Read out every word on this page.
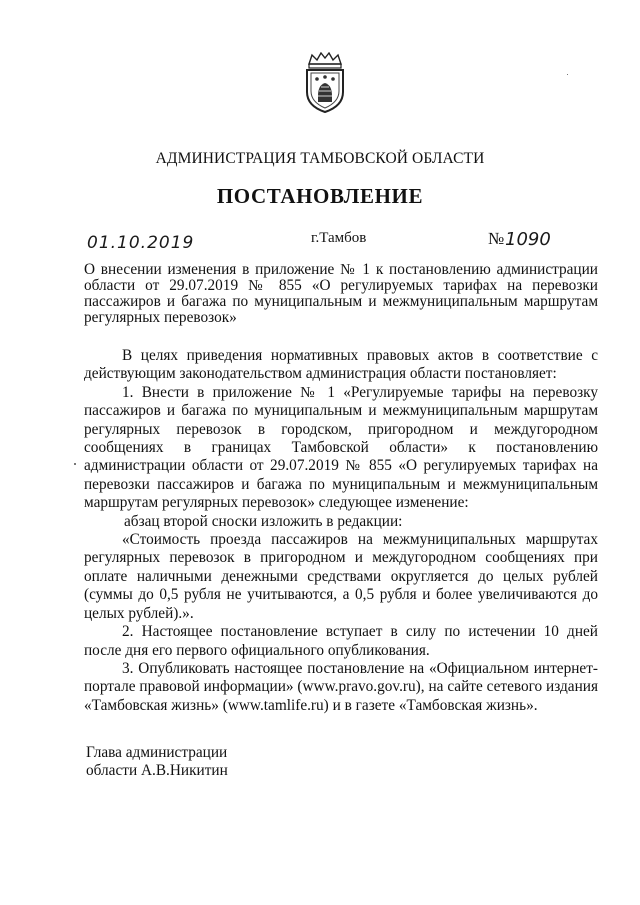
АДМИНИСТРАЦИЯ ТАМБОВСКОЙ ОБЛАСТИ
ПОСТАНОВЛЕНИЕ
01.10.2019	г.Тамбов	№ 1090
О внесении изменения в приложение № 1 к постановлению администрации области от 29.07.2019 № 855 «О регулируемых тарифах на перевозки пассажиров и багажа по муниципальным и межмуниципальным маршрутам регулярных перевозок»

В целях приведения нормативных правовых актов в соответствие с действующим законодательством администрация области постановляет:

1. Внести в приложение № 1 «Регулируемые тарифы на перевозку пассажиров и багажа по муниципальным и межмуниципальным маршрутам регулярных перевозок в городском, пригородном и междугородном сообщениях в границах Тамбовской области» к постановлению администрации области от 29.07.2019 № 855 «О регулируемых тарифах на перевозки пассажиров и багажа по муниципальным и межмуниципальным маршрутам регулярных перевозок» следующее изменение:

абзац второй сноски изложить в редакции:

«Стоимость проезда пассажиров на межмуниципальных маршрутах регулярных перевозок в пригородном и междугородном сообщениях при оплате наличными денежными средствами округляется до целых рублей (суммы до 0,5 рубля не учитываются, а 0,5 рубля и более увеличиваются до целых рублей).».

2. Настоящее постановление вступает в силу по истечении 10 дней после дня его первого официального опубликования.

3. Опубликовать настоящее постановление на «Официальном интернет-портале правовой информации» (www.pravo.gov.ru), на сайте сетевого издания «Тамбовская жизнь» (www.tamlife.ru) и в газете «Тамбовская жизнь».

Глава администрации
области А.В.Никитин
